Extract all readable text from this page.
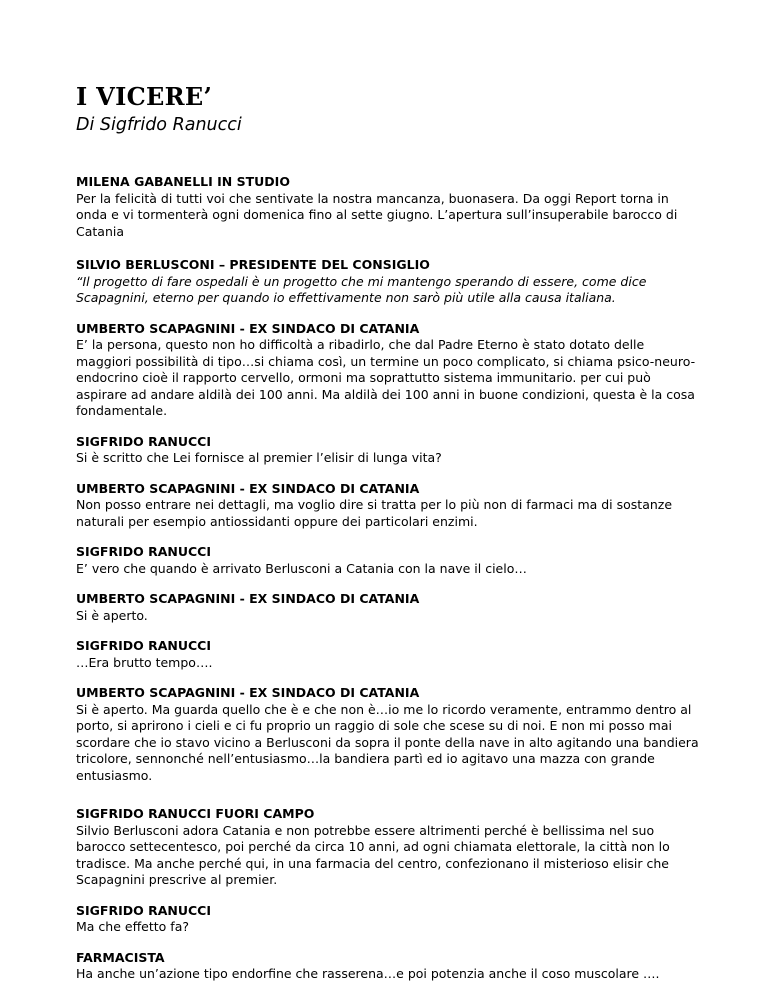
I VICERE’

Di Sigfrido Ranucci

MILENA GABANELLI IN STUDIO

Per la felicità di tutti voi che sentivate la nostra mancanza, buonasera. Da oggi Report torna in onda e vi tormenterà ogni domenica fino al sette giugno. L’apertura sull’insuperabile barocco di Catania

SILVIO BERLUSCONI – PRESIDENTE DEL CONSIGLIO

“Il progetto di fare ospedali è un progetto che mi mantengo sperando di essere, come dice Scapagnini, eterno per quando io effettivamente non sarò più utile alla causa italiana.

UMBERTO SCAPAGNINI - EX SINDACO DI CATANIA

E’ la persona, questo non ho difficoltà a ribadirlo, che dal Padre Eterno è stato dotato delle maggiori possibilità di tipo…si chiama così, un termine un poco complicato, si chiama psico-neuro-endocrino cioè il rapporto cervello, ormoni ma soprattutto sistema immunitario. per cui può aspirare ad andare aldilà dei 100 anni. Ma aldilà dei 100 anni in buone condizioni, questa è la cosa fondamentale.

SIGFRIDO RANUCCI

Si è scritto che Lei fornisce al premier l’elisir di lunga vita?

UMBERTO SCAPAGNINI - EX SINDACO DI CATANIA

Non posso entrare nei dettagli, ma voglio dire si tratta per lo più non di farmaci ma di sostanze naturali per esempio antiossidanti oppure dei particolari enzimi.

SIGFRIDO RANUCCI

E’ vero che quando è arrivato Berlusconi a Catania con la nave il cielo…

UMBERTO SCAPAGNINI - EX SINDACO DI CATANIA

Si è aperto.

SIGFRIDO RANUCCI

…Era brutto tempo….

UMBERTO SCAPAGNINI - EX SINDACO DI CATANIA

Si è aperto. Ma guarda quello che è e che non è…io me lo ricordo veramente, entrammo dentro al porto, si aprirono i cieli e ci fu proprio un raggio di sole che scese su di noi. E non mi posso mai scordare che io stavo vicino a Berlusconi da sopra il ponte della nave in alto agitando una bandiera tricolore, sennonché nell’entusiasmo…la bandiera partì ed io agitavo una mazza con grande entusiasmo.

SIGFRIDO RANUCCI FUORI CAMPO

Silvio Berlusconi adora Catania e non potrebbe essere altrimenti perché è bellissima nel suo barocco settecentesco, poi perché da circa 10 anni, ad ogni chiamata elettorale, la città non lo tradisce. Ma anche perché qui, in una farmacia del centro, confezionano il misterioso elisir che Scapagnini prescrive al premier.

SIGFRIDO RANUCCI

Ma che effetto fa?

FARMACISTA

Ha anche un’azione tipo endorfine che rasserena…e poi potenzia anche il coso muscolare ….
